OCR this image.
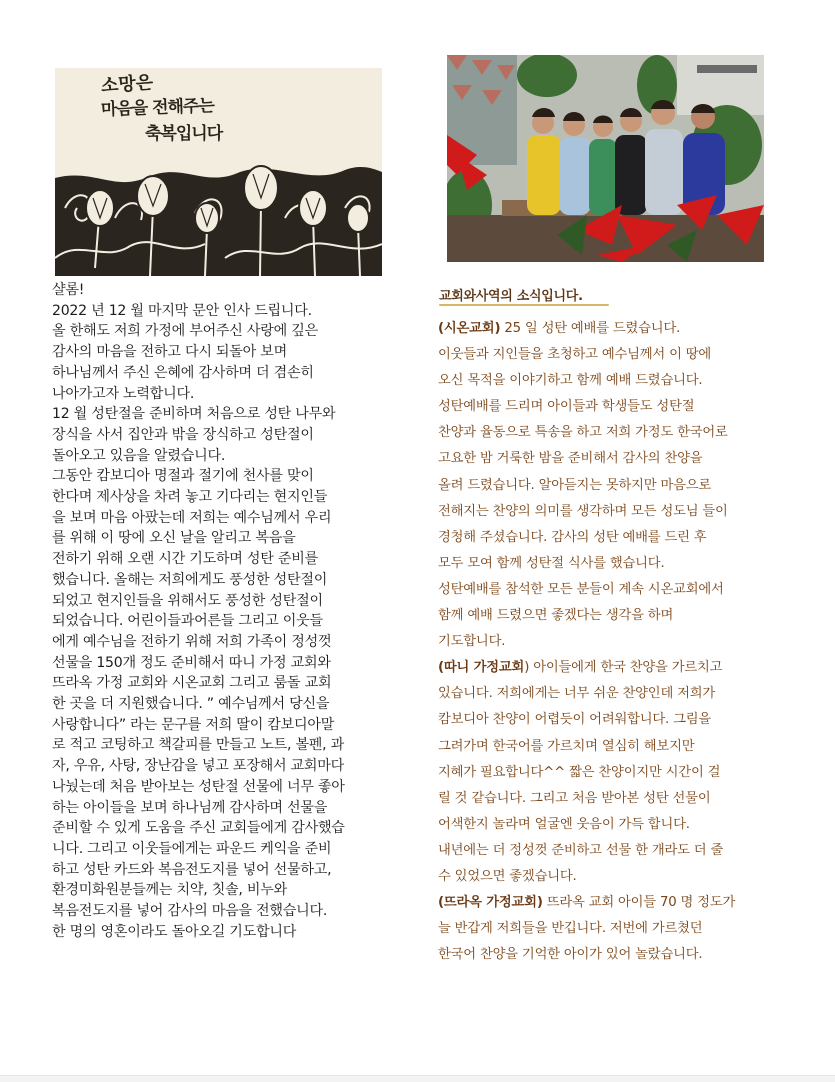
소망은
마음을 전해주는
축복입니다

샬롬!

2022 년 12 월 마지막 문안 인사 드립니다.

올 한해도 저희 가정에 부어주신 사랑에 깊은

감사의 마음을 전하고 다시 되돌아 보며

하나님께서 주신 은혜에 감사하며 더 겸손히

나아가고자 노력합니다.

12 월 성탄절을 준비하며 처음으로 성탄 나무와

장식을 사서 집안과 밖을 장식하고 성탄절이

돌아오고 있음을 알렸습니다.

그동안 캄보디아 명절과 절기에 천사를 맞이

한다며 제사상을 차려 놓고 기다리는 현지인들

을 보며 마음 아팠는데 저희는 예수님께서 우리

를 위해 이 땅에 오신 날을 알리고 복음을

전하기 위해 오랜 시간 기도하며 성탄 준비를

했습니다. 올해는 저희에게도 풍성한 성탄절이

되었고 현지인들을 위해서도 풍성한 성탄절이

되었습니다. 어린이들과어른들 그리고 이웃들

에게 예수님을 전하기 위해 저희 가족이 정성껏

선물을 150개 정도 준비해서 따니 가정 교회와

뜨라옥 가정 교회와 시온교회 그리고 룸돌 교회

한 곳을 더 지원했습니다. ” 예수님께서 당신을

사랑합니다” 라는 문구를 저희 딸이 캄보디아말

로 적고 코팅하고 책갈피를 만들고 노트, 볼펜, 과

자, 우유, 사탕, 장난감을 넣고 포장해서 교회마다

나눴는데 처음 받아보는 성탄절 선물에 너무 좋아

하는 아이들을 보며 하나님께 감사하며 선물을

준비할 수 있게 도움을 주신 교회들에게 감사했습

니다. 그리고 이웃들에게는 파운드 케익을 준비

하고 성탄 카드와 복음전도지를 넣어 선물하고,

환경미화원분들께는 치약, 칫솔, 비누와

복음전도지를 넣어 감사의 마음을 전했습니다.

한 명의 영혼이라도 돌아오길 기도합니다

교회와사역의 소식입니다.

(시온교회) 25 일 성탄 예배를 드렸습니다.

이웃들과 지인들을 초청하고 예수님께서 이 땅에

오신 목적을 이야기하고 함께 예배 드렸습니다.

성탄예배를 드리며 아이들과 학생들도 성탄절

찬양과 율동으로 특송을 하고 저희 가정도 한국어로

고요한 밤 거룩한 밤을 준비해서 감사의 찬양을

올려 드렸습니다. 알아듣지는 못하지만 마음으로

전해지는 찬양의 의미를 생각하며 모든 성도님 들이

경청해 주셨습니다. 감사의 성탄 예배를 드린 후

모두 모여 함께 성탄절 식사를 했습니다.

성탄예배를 참석한 모든 분들이 계속 시온교회에서

함께 예배 드렸으면 좋겠다는 생각을 하며

기도합니다.

(따니 가정교회) 아이들에게 한국 찬양을 가르치고

있습니다. 저희에게는 너무 쉬운 찬양인데 저희가

캄보디아 찬양이 어렵듯이 어려워합니다. 그림을

그려가며 한국어를 가르치며 열심히 해보지만

지혜가 필요합니다^^ 짧은 찬양이지만 시간이 걸

릴 것 같습니다. 그리고 처음 받아본 성탄 선물이

어색한지 놀라며 얼굴엔 웃음이 가득 합니다.

내년에는 더 정성껏 준비하고 선물 한 개라도 더 줄

수 있었으면 좋겠습니다.

(뜨라옥 가정교회) 뜨라옥 교회 아이들 70 명 정도가

늘 반갑게 저희들을 반깁니다. 저번에 가르쳤던

한국어 찬양을 기억한 아이가 있어 놀랐습니다.
